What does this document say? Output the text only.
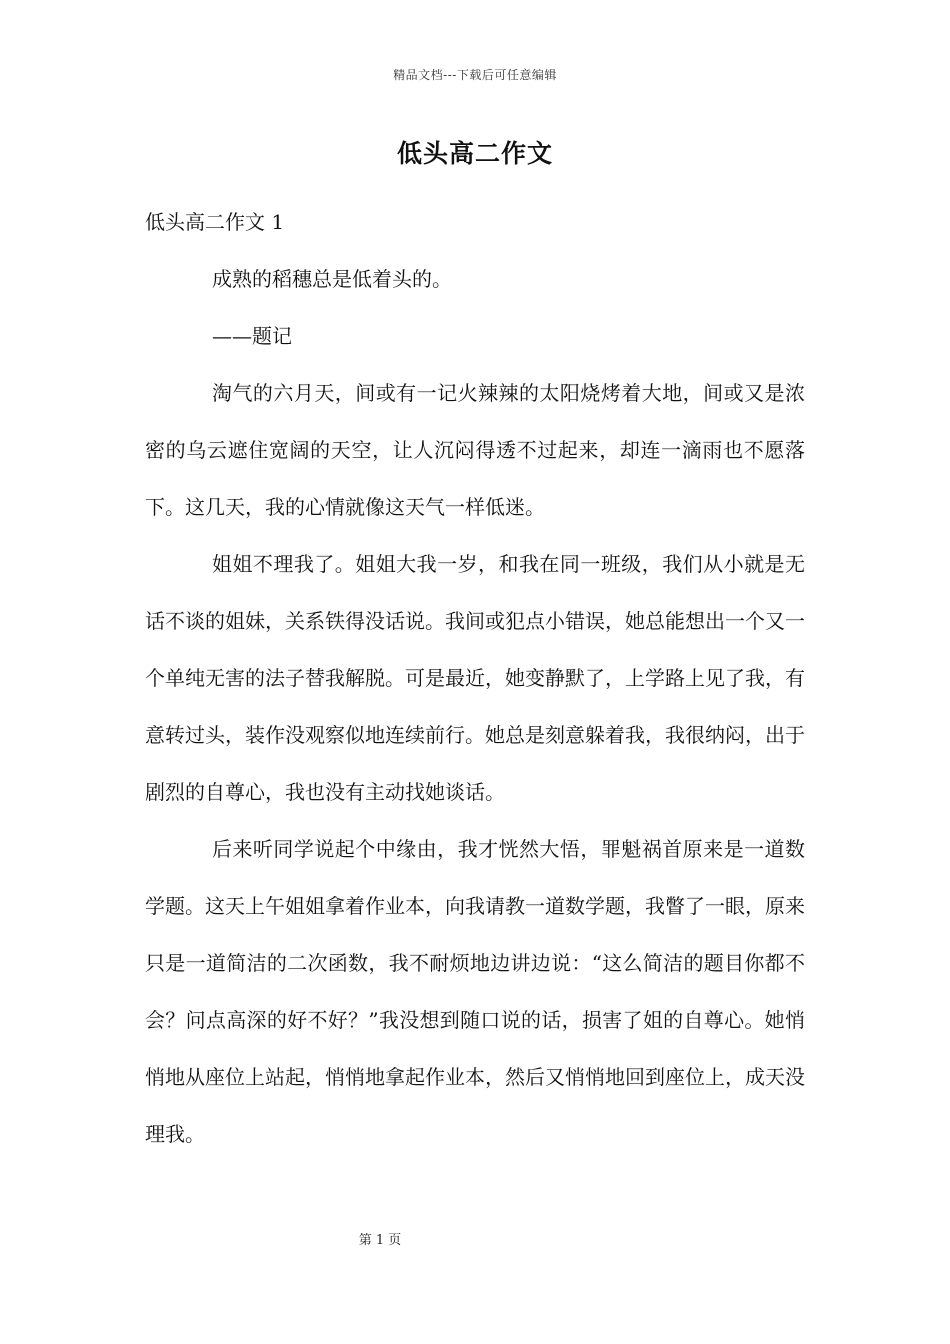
精品文档---下载后可任意编辑
低头高二作文
低头高二作文 1
成熟的稻穗总是低着头的。
——题记

淘气的六月天，间或有一记火辣辣的太阳烧烤着大地，间或又是浓密的乌云遮住宽阔的天空，让人沉闷得透不过起来，却连一滴雨也不愿落下。这几天，我的心情就像这天气一样低迷。

姐姐不理我了。姐姐大我一岁，和我在同一班级，我们从小就是无话不谈的姐妹，关系铁得没话说。我间或犯点小错误，她总能想出一个又一个单纯无害的法子替我解脱。可是最近，她变静默了，上学路上见了我，有意转过头，装作没观察似地连续前行。她总是刻意躲着我，我很纳闷，出于剧烈的自尊心，我也没有主动找她谈话。

后来听同学说起个中缘由，我才恍然大悟，罪魁祸首原来是一道数学题。这天上午姐姐拿着作业本，向我请教一道数学题，我瞥了一眼，原来只是一道简洁的二次函数，我不耐烦地边讲边说：“这么简洁的题目你都不会？问点高深的好不好？”我没想到随口说的话，损害了姐的自尊心。她悄悄地从座位上站起，悄悄地拿起作业本，然后又悄悄地回到座位上，成天没理我。

第 1 页
